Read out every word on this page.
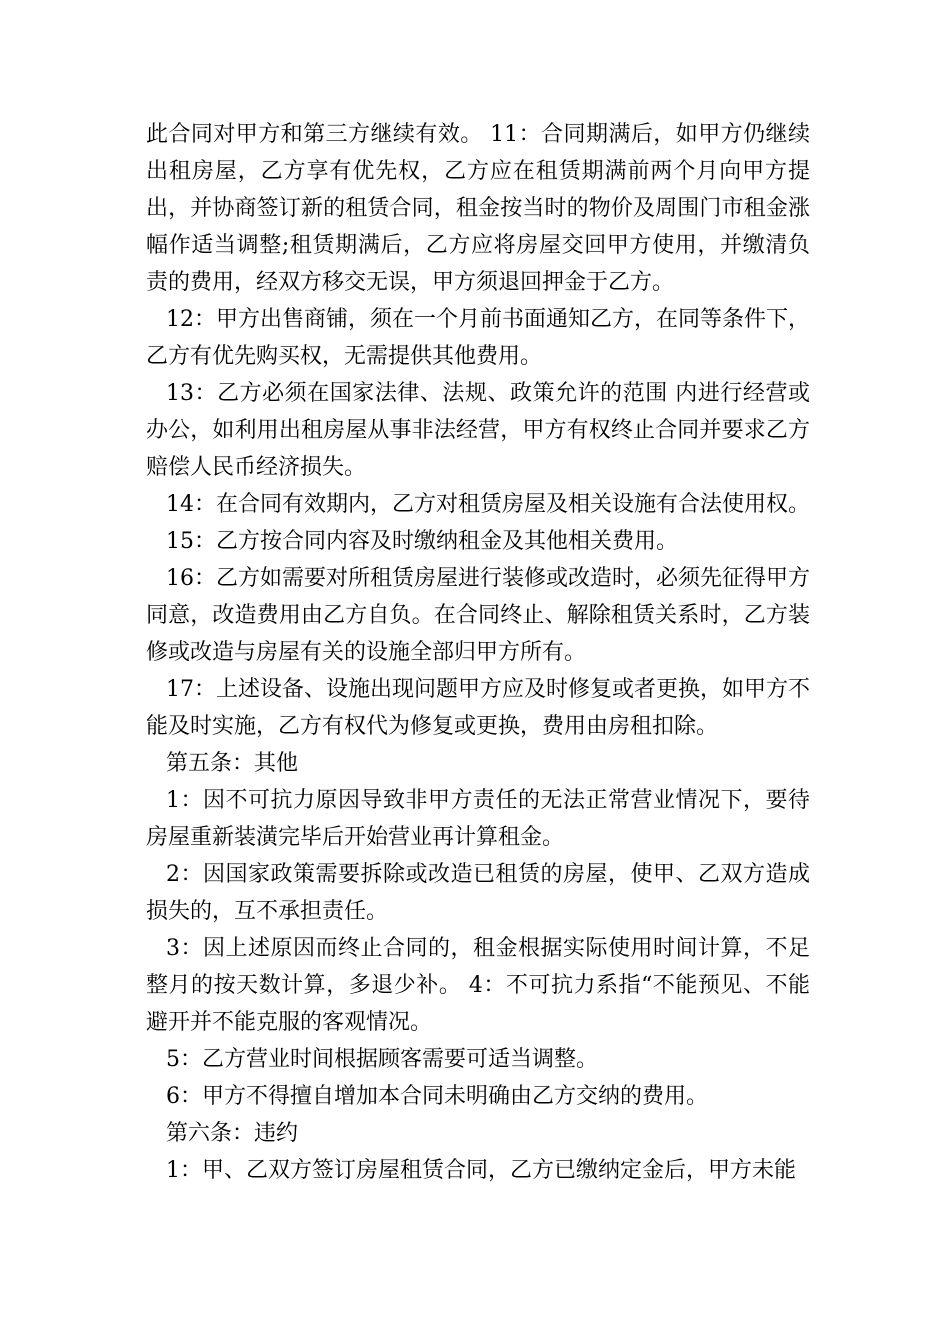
此合同对甲方和第三方继续有效。 11：合同期满后，如甲方仍继续出租房屋，乙方享有优先权，乙方应在租赁期满前两个月向甲方提出，并协商签订新的租赁合同，租金按当时的物价及周围门市租金涨幅作适当调整;租赁期满后，乙方应将房屋交回甲方使用，并缴清负责的费用，经双方移交无误，甲方须退回押金于乙方。

12：甲方出售商铺，须在一个月前书面通知乙方，在同等条件下，乙方有优先购买权，无需提供其他费用。

13：乙方必须在国家法律、法规、政策允许的范围 内进行经营或办公，如利用出租房屋从事非法经营，甲方有权终止合同并要求乙方赔偿人民币经济损失。

14：在合同有效期内，乙方对租赁房屋及相关设施有合法使用权。

15：乙方按合同内容及时缴纳租金及其他相关费用。

16：乙方如需要对所租赁房屋进行装修或改造时，必须先征得甲方同意，改造费用由乙方自负。在合同终止、解除租赁关系时，乙方装修或改造与房屋有关的设施全部归甲方所有。

17：上述设备、设施出现问题甲方应及时修复或者更换，如甲方不能及时实施，乙方有权代为修复或更换，费用由房租扣除。

第五条：其他

1：因不可抗力原因导致非甲方责任的无法正常营业情况下，要待房屋重新装潢完毕后开始营业再计算租金。

2：因国家政策需要拆除或改造已租赁的房屋，使甲、乙双方造成损失的，互不承担责任。

3：因上述原因而终止合同的，租金根据实际使用时间计算，不足整月的按天数计算，多退少补。 4：不可抗力系指“不能预见、不能避开并不能克服的客观情况。

5：乙方营业时间根据顾客需要可适当调整。

6：甲方不得擅自增加本合同未明确由乙方交纳的费用。

第六条：违约

1：甲、乙双方签订房屋租赁合同，乙方已缴纳定金后，甲方未能
